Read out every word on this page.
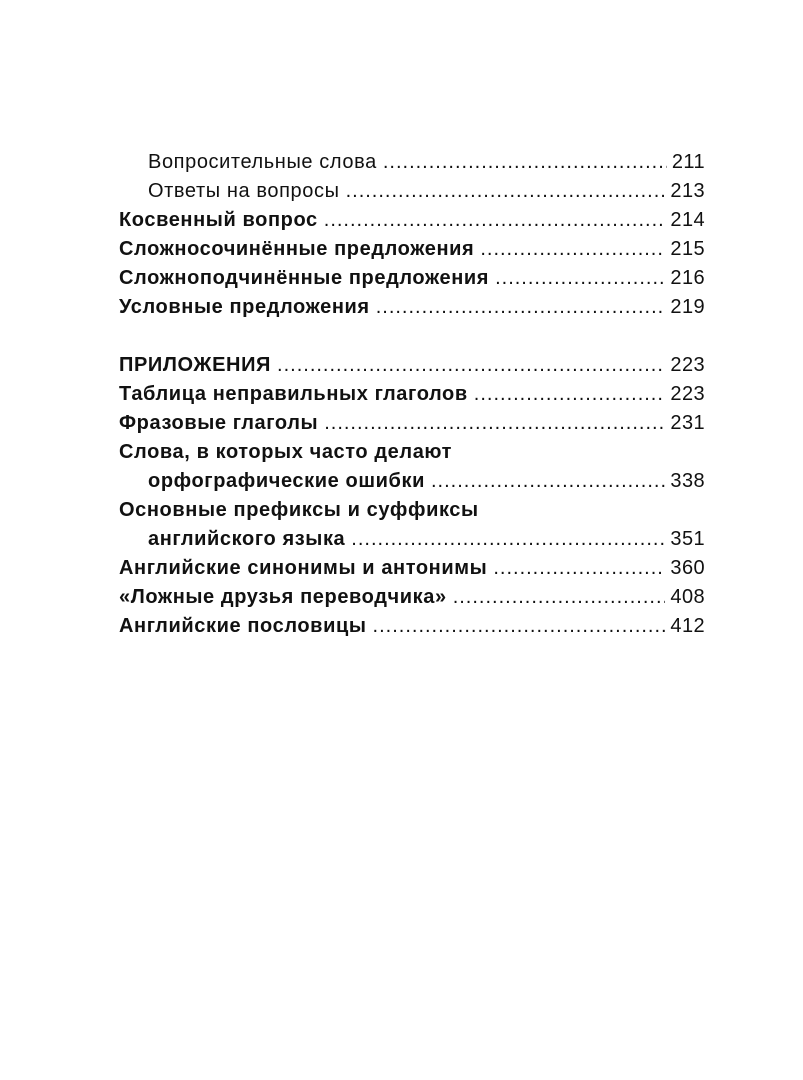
Вопросительные слова .....	211
Ответы на вопросы .....	213
Косвенный вопрос .....	214
Сложносочинённые предложения .....	215
Сложноподчинённые предложения .....	216
Условные предложения .....	219
ПРИЛОЖЕНИЯ .....	223
Таблица неправильных глаголов .....	223
Фразовые глаголы .....	231
Слова, в которых часто делают
орфографические ошибки .....	338
Основные префиксы и суффиксы
английского языка .....	351
Английские синонимы и антонимы .....	360
«Ложные друзья переводчика» .....	408
Английские пословицы .....	412
